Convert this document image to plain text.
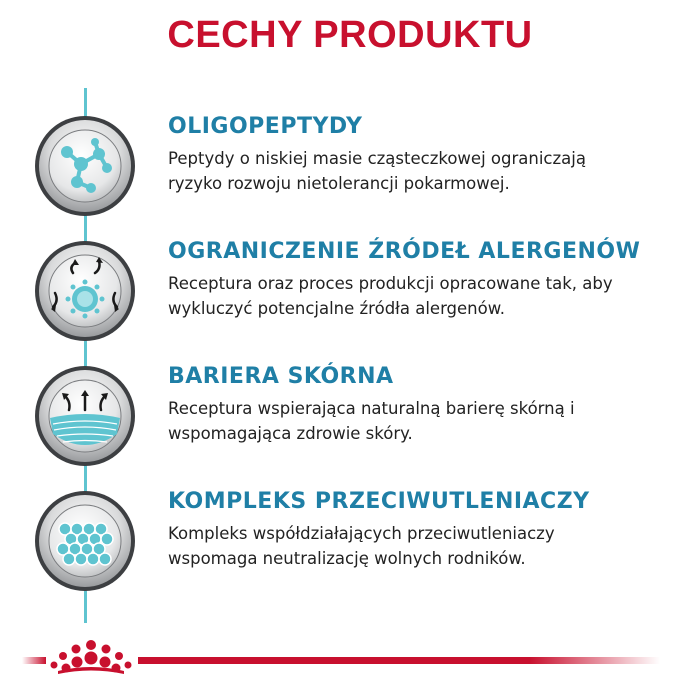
CECHY PRODUKTU
OLIGOPEPTYDY

Peptydy o niskiej masie cząsteczkowej ograniczają
ryzyko rozwoju nietolerancji pokarmowej.

OGRANICZENIE ŹRÓDEŁ ALERGENÓW

Receptura oraz proces produkcji opracowane tak, aby
wykluczyć potencjalne źródła alergenów.

BARIERA SKÓRNA

Receptura wspierająca naturalną barierę skórną i
wspomagająca zdrowie skóry.

KOMPLEKS PRZECIWUTLENIACZY

Kompleks współdziałających przeciwutleniaczy
wspomaga neutralizację wolnych rodników.
